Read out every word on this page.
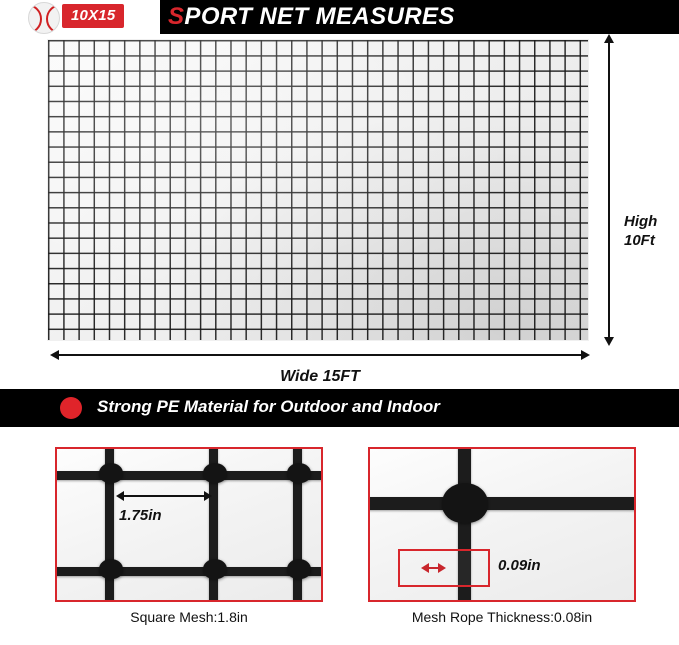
10X15	SPORT NET MEASURES
High
10Ft
Wide 15FT
Strong PE Material for Outdoor and Indoor
1.75in
0.09in
Square Mesh:1.8in	Mesh Rope Thickness:0.08in
